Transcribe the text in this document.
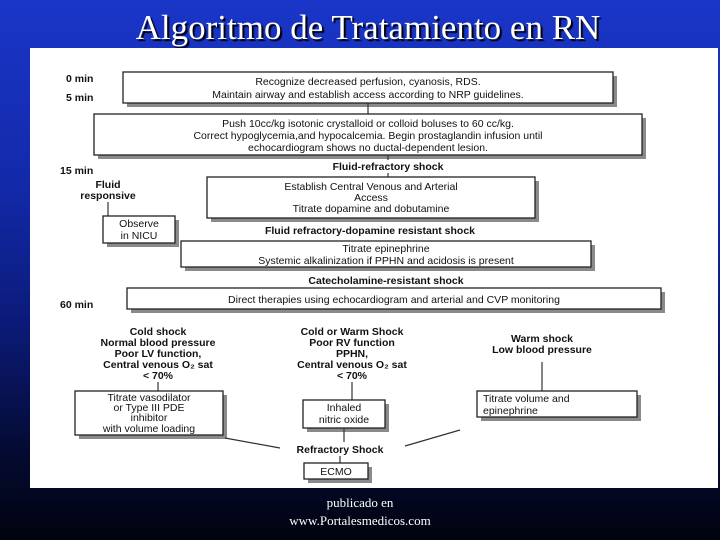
Algoritmo de Tratamiento en RN
0 min
5 min
15 min
60 min
Recognize decreased perfusion, cyanosis, RDS.
Maintain airway and establish access according to NRP guidelines.
Push 10cc/kg isotonic crystalloid or colloid boluses to 60 cc/kg.
Correct hypoglycemia,and hypocalcemia. Begin prostaglandin infusion until
echocardiogram shows no ductal-dependent lesion.
Fluid-refractory shock
Fluid
responsive
Observe
in NICU
Establish Central Venous and Arterial
Access
Titrate dopamine and dobutamine
Fluid refractory-dopamine resistant shock
Titrate epinephrine
Systemic alkalinization if PPHN and acidosis is present
Catecholamine-resistant shock
Direct therapies using echocardiogram and arterial and CVP monitoring
Cold shock
Normal blood pressure
Poor LV function,
Central venous O₂ sat
< 70%
Cold or Warm Shock
Poor RV function
PPHN,
Central venous O₂ sat
< 70%
Warm shock
Low blood pressure
Titrate vasodilator
or Type III PDE
inhibitor
with volume loading
Inhaled
nitric oxide
Titrate volume and
epinephrine
Refractory Shock
ECMO
publicado en
www.Portalesmedicos.com
